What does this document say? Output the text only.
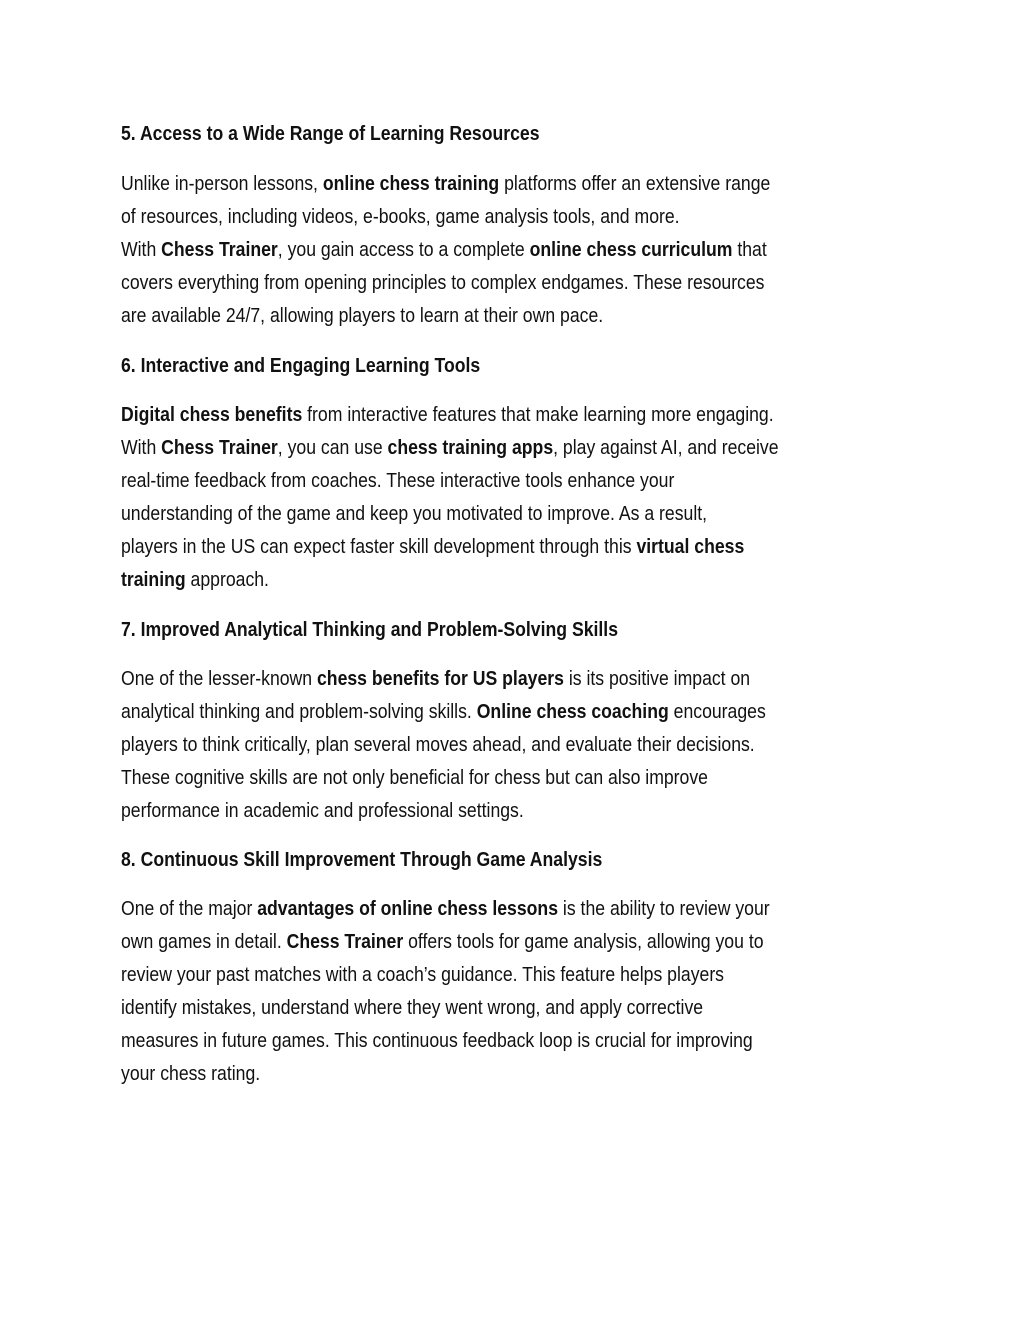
5. Access to a Wide Range of Learning Resources
Unlike in-person lessons, online chess training platforms offer an extensive range
of resources, including videos, e-books, game analysis tools, and more.
With Chess Trainer, you gain access to a complete online chess curriculum that
covers everything from opening principles to complex endgames. These resources
are available 24/7, allowing players to learn at their own pace.
6. Interactive and Engaging Learning Tools
Digital chess benefits from interactive features that make learning more engaging.
With Chess Trainer, you can use chess training apps, play against AI, and receive
real-time feedback from coaches. These interactive tools enhance your
understanding of the game and keep you motivated to improve. As a result,
players in the US can expect faster skill development through this virtual chess
training approach.
7. Improved Analytical Thinking and Problem-Solving Skills
One of the lesser-known chess benefits for US players is its positive impact on
analytical thinking and problem-solving skills. Online chess coaching encourages
players to think critically, plan several moves ahead, and evaluate their decisions.
These cognitive skills are not only beneficial for chess but can also improve
performance in academic and professional settings.
8. Continuous Skill Improvement Through Game Analysis
One of the major advantages of online chess lessons is the ability to review your
own games in detail. Chess Trainer offers tools for game analysis, allowing you to
review your past matches with a coach’s guidance. This feature helps players
identify mistakes, understand where they went wrong, and apply corrective
measures in future games. This continuous feedback loop is crucial for improving
your chess rating.
